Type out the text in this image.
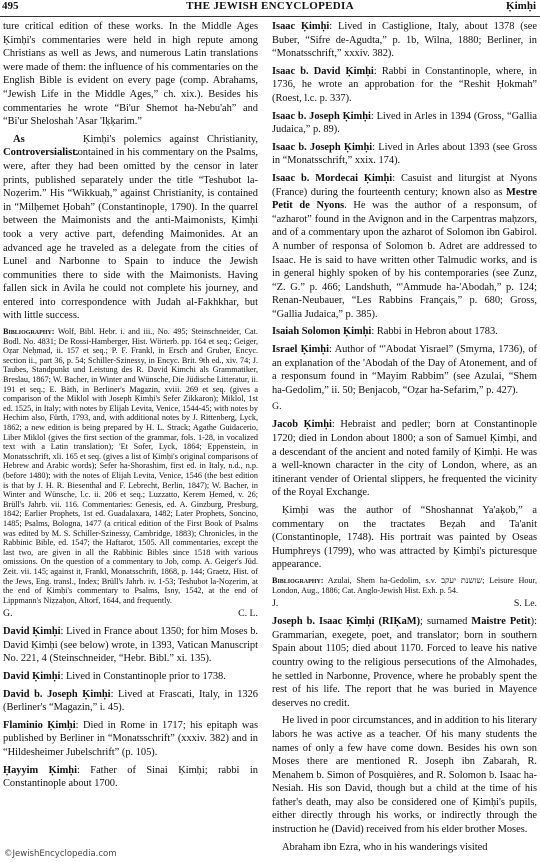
495	THE JEWISH ENCYCLOPEDIA	Ḳimḥi

ture critical edition of these works. In the Middle Ages Ḳimḥi's commentaries were held in high repute among Christians as well as Jews, and numerous Latin translations were made of them: the influence of his commentaries on the English Bible is evident on every page (comp. Abrahams, “Jewish Life in the Middle Ages,” ch. xix.). Besides his commentaries he wrote “Bi'ur Shemot ha-Nebu'ah” and “Bi'ur Sheloshah 'Asar 'Iḳḳarim.”

As Controversialist.
Ḳimḥi's polemics against Christianity, contained in his commentary on the Psalms, were, after they had been omitted by the censor in later prints, published separately under the title “Teshubot la-Noẓerim.” His “Wikkuaḥ,” against Christianity, is contained in “Milḥemet Ḥobah” (Constantinople, 1790). In the quarrel between the Maimonists and the anti-Maimonists, Ḳimḥi took a very active part, defending Maimonides. At an advanced age he traveled as a delegate from the cities of Lunel and Narbonne to Spain to induce the Jewish communities there to side with the Maimonists. Having fallen sick in Avila he could not complete his journey, and entered into correspondence with Judah al-Fakhkhar, but with little success.

Bibliography: Wolf, Bibl. Hebr. i. and iii., No. 495; Steinschneider, Cat. Bodl. No. 4831; De Rossi-Hamberger, Hist. Wörterb. pp. 164 et seq.; Geiger, Oẓar Neḥmad, ii. 157 et seq.; P. F. Frankl, in Ersch and Gruber, Encyc. section ii., part 36, p. 54; Schiller-Szinessy, in Encyc. Brit. 9th ed., xiv. 74; J. Taubes, Standpunkt und Leistung des R. David Kimchi als Grammatiker, Breslau, 1867; W. Bacher, in Winter and Wünsche, Die Jüdische Litteratur, ii. 191 et seq.; E. Bäth, in Berliner's Magazin, xviii. 269 et seq. (gives a comparison of the Miklol with Joseph Ḳimḥi's Sefer Zikkaron); Miklol, 1st ed. 1525, in Italy; with notes by Elijah Levita, Venice, 1544-45; with notes by Hechim also, Fürth, 1793, and, with additional notes by J. Rittenberg, Lyck, 1862; a new edition is being prepared by H. L. Strack; Agathe Guidacerio, Liber Miklol (gives the first section of the grammar, fols. 1-28, in vocalized text with a Latin translation); 'Et Sofer, Lyck, 1864; Eppenstein, in Monatsschrift, xli. 165 et seq. (gives a list of Ḳimḥi's original comparisons of Hebrew and Arabic words); Sefer ha-Shorashim, first ed. in Italy, n.d., n.p. (before 1480); with the notes of Elijah Levita, Venice, 1546 (the best edition is that by J. H. R. Biesenthal and F. Lebrecht, Berlin, 1847); W. Bacher, in Winter and Wünsche, l.c. ii. 206 et seq.; Luzzatto, Kerem Ḥemed, v. 26; Brüll's Jahrb. vii. 116. Commentaries: Genesis, ed. A. Ginzburg, Presburg, 1842; Earlier Prophets, 1st ed. Guadalaxara, 1482; Later Prophets, Soncino, 1485; Psalms, Bologna, 1477 (a critical edition of the First Book of Psalms was edited by M. S. Schiller-Szinessy, Cambridge, 1883); Chronicles, in the Rabbinic Bible, ed. 1547; the Haftarot, 1505. All commentaries, except the last two, are given in all the Rabbinic Bibles since 1518 with various omissions. On the question of a commentary to Job, comp. A. Geiger's Jüd. Zeit. vii. 145; against it, Frankl, Monatsschrift, 1868, p. 144; Graetz, Hist. of the Jews, Eng. transl., Index; Brüll's Jahrb. iv. 1-53; Teshubot la-Noẓerim, at the end of Ḳimḥi's commentary to Psalms, Isny, 1542, at the end of Lippmann's Niẓẓaḥon, Altorf, 1644, and frequently.

G.	C. L.

David Ḳimḥi: Lived in France about 1350; for him Moses b. David Ḳimḥi (see below) wrote, in 1393, Vatican Manuscript No. 221, 4 (Steinschneider, “Hebr. Bibl.” xi. 135).

David Ḳimḥi: Lived in Constantinople prior to 1738.

David b. Joseph Ḳimḥi: Lived at Frascati, Italy, in 1326 (Berliner's “Magazin,” i. 45).

Flaminio Ḳimḥi: Died in Rome in 1717; his epitaph was published by Berliner in “Monatsschrift” (xxxiv. 382) and in “Hildesheimer Jubelschrift” (p. 105).

Ḥayyim Ḳimḥi: Father of Sinai Ḳimḥi; rabbi in Constantinople about 1700.

Isaac Ḳimḥi: Lived in Castiglione, Italy, about 1378 (see Buber, “Sifre de-Agudta,” p. 1b, Wilna, 1880; Berliner, in “Monatsschrift,” xxxiv. 382).

Isaac b. David Ḳimḥi: Rabbi in Constantinople, where, in 1736, he wrote an approbation for the “Reshit Ḥokmah” (Roest, l.c. p. 337).

Isaac b. Joseph Ḳimḥi: Lived in Arles in 1394 (Gross, “Gallia Judaica,” p. 89).

Isaac b. Joseph Ḳimḥi: Lived in Arles about 1393 (see Gross in “Monatsschrift,” xxix. 174).

Isaac b. Mordecai Ḳimḥi: Casuist and liturgist at Nyons (France) during the fourteenth century; known also as Mestre Petit de Nyons. He was the author of a responsum, of “azharot” found in the Avignon and in the Carpentras maḥzors, and of a commentary upon the azharot of Solomon ibn Gabirol. A number of responsa of Solomon b. Adret are addressed to Isaac. He is said to have written other Talmudic works, and is in general highly spoken of by his contemporaries (see Zunz, “Z. G.” p. 466; Landshuth, “'Ammude ha-'Abodah,” p. 124; Renan-Neubauer, “Les Rabbins Français,” p. 680; Gross, “Gallia Judaica,” p. 385).

Isaiah Solomon Ḳimḥi: Rabbi in Hebron about 1783.

Israel Ḳimḥi: Author of “'Abodat Yisrael” (Smyrna, 1736), of an explanation of the 'Abodah of the Day of Atonement, and of a responsum found in “Mayim Rabbim” (see Azulai, “Shem ha-Gedolim,” ii. 50; Benjacob, “Oẓar ha-Sefarim,” p. 427).

G.

Jacob Ḳimḥi: Hebraist and pedler; born at Constantinople 1720; died in London about 1800; a son of Samuel Ḳimḥi, and a descendant of the ancient and noted family of Ḳimḥi. He was a well-known character in the city of London, where, as an itinerant vender of Oriental slippers, he frequented the vicinity of the Royal Exchange.

Ḳimḥi was the author of “Shoshannat Ya'aḳob,” a commentary on the tractates Beẓah and Ta'anit (Constantinople, 1748). His portrait was painted by Oseas Humphreys (1799), who was attracted by Ḳimḥi's picturesque appearance.

Bibliography: Azulai, Shem ha-Gedolim, s.v. שושנת יעקב; Leisure Hour, London, Aug., 1886; Cat. Anglo-Jewish Hist. Exh. p. 54.

J.	S. Le.

Joseph b. Isaac Ḳimḥi (RIḲaM); surnamed Maistre Petit): Grammarian, exegete, poet, and translator; born in southern Spain about 1105; died about 1170. Forced to leave his native country owing to the religious persecutions of the Almohades, he settled in Narbonne, Provence, where he probably spent the rest of his life. The report that he was buried in Mayence deserves no credit.

He lived in poor circumstances, and in addition to his literary labors he was active as a teacher. Of his many students the names of only a few have come down. Besides his own son Moses there are mentioned R. Joseph ibn Zabarah, R. Menahem b. Simon of Posquières, and R. Solomon b. Isaac ha-Nesiah. His son David, though but a child at the time of his father's death, may also be considered one of Ḳimḥi's pupils, either directly through his works, or indirectly through the instruction he (David) received from his elder brother Moses.

Abraham ibn Ezra, who in his wanderings visited

©JewishEncyclopedia.com
